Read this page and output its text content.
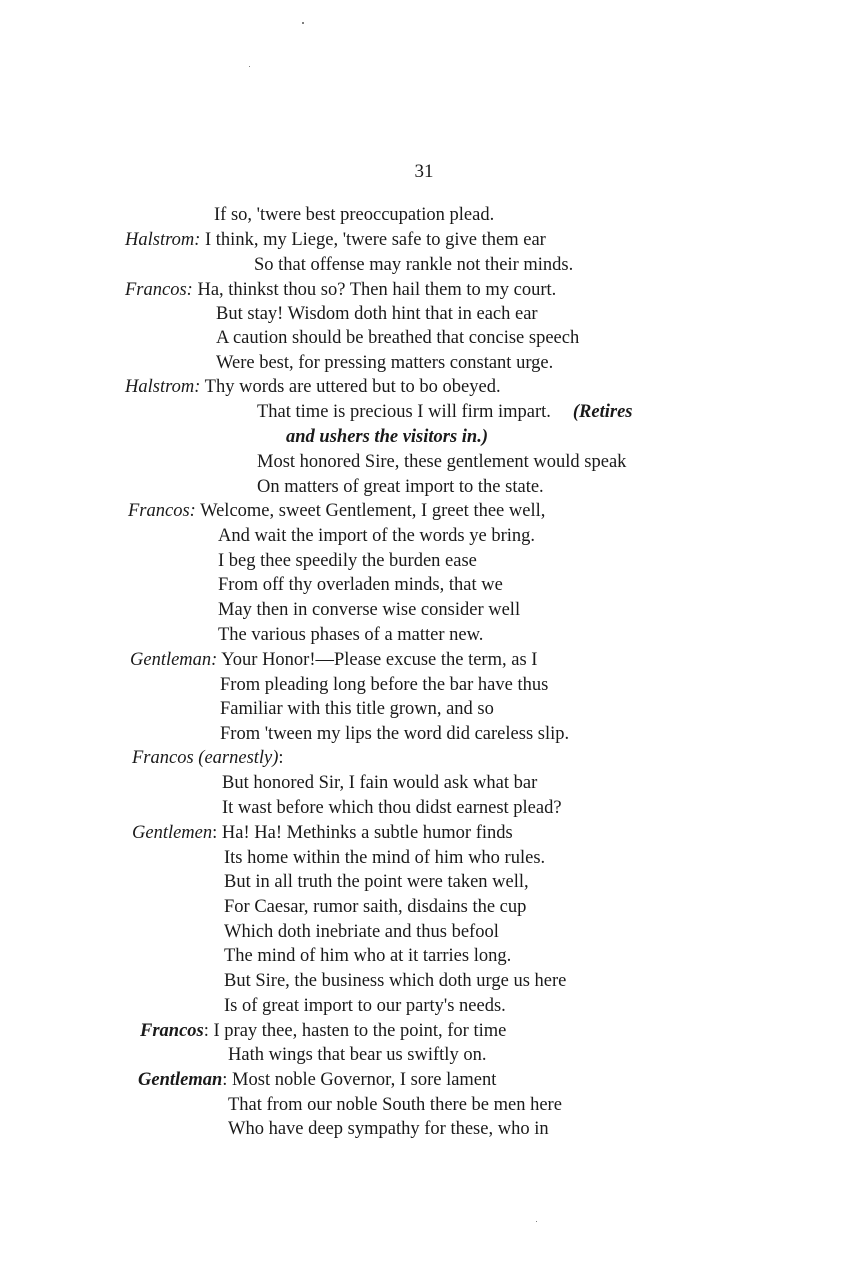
31
If so, 'twere best preoccupation plead.
Halstrom: I think, my Liege, 'twere safe to give them ear
So that offense may rankle not their minds.
Francos: Ha, thinkst thou so? Then hail them to my court.
But stay! Wisdom doth hint that in each ear
A caution should be breathed that concise speech
Were best, for pressing matters constant urge.
Halstrom: Thy words are uttered but to bo obeyed.
That time is precious I will firm impart. (Retires
and ushers the visitors in.)
Most honored Sire, these gentlement would speak
On matters of great import to the state.
Francos: Welcome, sweet Gentlement, I greet thee well,
And wait the import of the words ye bring.
I beg thee speedily the burden ease
From off thy overladen minds, that we
May then in converse wise consider well
The various phases of a matter new.
Gentleman: Your Honor!—Please excuse the term, as I
From pleading long before the bar have thus
Familiar with this title grown, and so
From 'tween my lips the word did careless slip.
Francos (earnestly):
But honored Sir, I fain would ask what bar
It wast before which thou didst earnest plead?
Gentlemen: Ha! Ha! Methinks a subtle humor finds
Its home within the mind of him who rules.
But in all truth the point were taken well,
For Caesar, rumor saith, disdains the cup
Which doth inebriate and thus befool
The mind of him who at it tarries long.
But Sire, the business which doth urge us here
Is of great import to our party's needs.
Francos: I pray thee, hasten to the point, for time
Hath wings that bear us swiftly on.
Gentleman: Most noble Governor, I sore lament
That from our noble South there be men here
Who have deep sympathy for these, who in
